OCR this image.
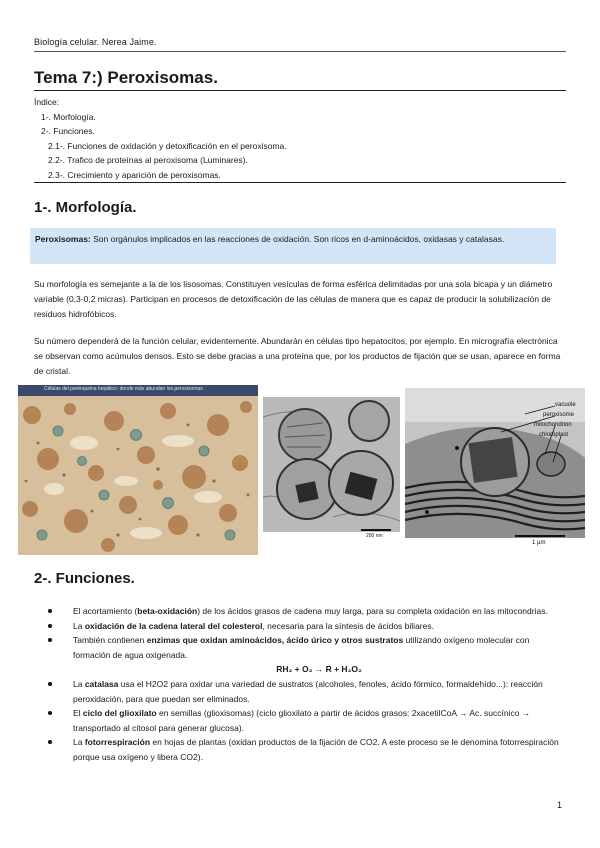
Biología celular. Nerea Jaime.
Tema 7:) Peroxisomas.
Índice:
1-. Morfología.
2-. Funciones.
2.1-. Funciones de oxidación y detoxificación en el peroxisoma.
2.2-. Trafico de proteínas al peroxisoma (Luminares).
2.3-. Crecimiento y aparición de peroxisomas.
1-. Morfología.
Peroxisomas: Son orgánulos implicados en las reacciones de oxidación. Son ricos en d-aminoácidos, oxidasas y catalasas.

Su morfología es semejante a la de los lisosomas. Constituyen vesículas de forma esférica delimitadas por una sola bicapa y un diámetro variable (0,3-0,2 micras). Participan en procesos de detoxificación de las células de manera que es capaz de producir la solubilización de residuos hidrofóbicos.

Su número dependerá de la función celular, evidentemente. Abundarán en células tipo hepatocitos, por ejemplo. En micrografía electrónica se observan como acúmulos densos. Esto se debe gracias a una proteína que, por los productos de fijación que se usan, aparece en forma de cristal.

Células del parénquima hepático: donde más abundan los peroxisomas
200 nm
vacuole
peroxisome
mitochondrion
chloroplast
1 µm
2-. Funciones.
El acortamiento (beta-oxidación) de los ácidos grasos de cadena muy larga, para su completa oxidación en las mitocondrias.
La oxidación de la cadena lateral del colesterol, necesaria para la síntesis de ácidos biliares.
También contienen enzimas que oxidan aminoácidos, ácido úrico y otros sustratos utilizando oxígeno molecular con formación de agua oxigenada.
RH₂ + O₂ → R + H₂O₂
La catalasa usa el H2O2 para oxidar una variedad de sustratos (alcoholes, fenoles, ácido fórmico, formaldehído...): reacción peroxidación, para que puedan ser eliminados.
El ciclo del glioxilato en semillas (glioxisomas) (ciclo glioxilato a partir de ácidos grasos: 2xacetilCoA → Ac. succínico → transportado al citosol para generar glucosa).
La fotorrespiración en hojas de plantas (oxidan productos de la fijación de CO2. A este proceso se le denomina fotorrespiración porque usa oxígeno y libera CO2).
1
